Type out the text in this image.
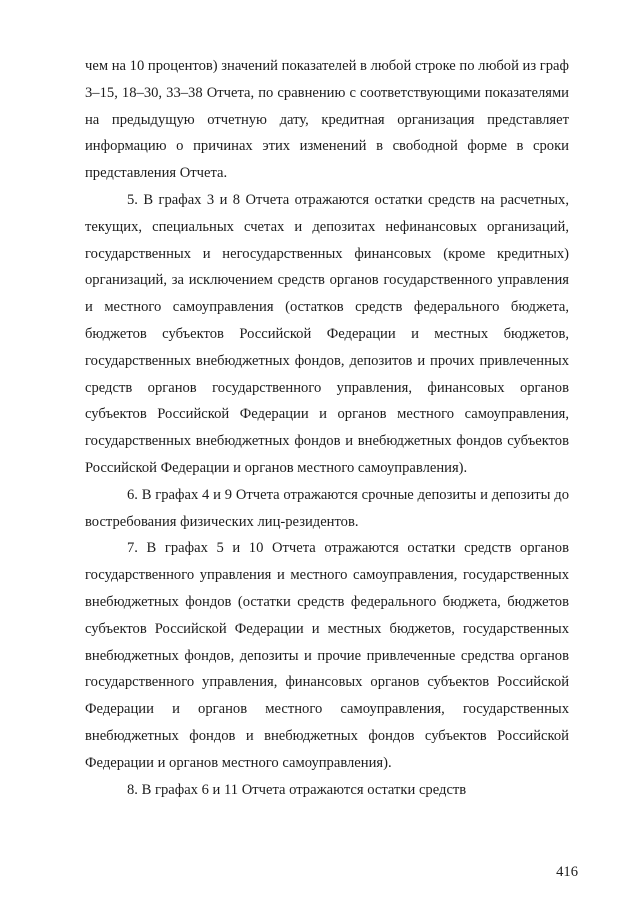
чем на 10 процентов) значений показателей в любой строке по любой из граф 3–15, 18–30, 33–38 Отчета, по сравнению с соответствующими показателями на предыдущую отчетную дату, кредитная организация представляет информацию о причинах этих изменений в свободной форме в сроки представления Отчета.

5. В графах 3 и 8 Отчета отражаются остатки средств на расчетных, текущих, специальных счетах и депозитах нефинансовых организаций, государственных и негосударственных финансовых (кроме кредитных) организаций, за исключением средств органов государственного управления и местного самоуправления (остатков средств федерального бюджета, бюджетов субъектов Российской Федерации и местных бюджетов, государственных внебюджетных фондов, депозитов и прочих привлеченных средств органов государственного управления, финансовых органов субъектов Российской Федерации и органов местного самоуправления, государственных внебюджетных фондов и внебюджетных фондов субъектов Российской Федерации и органов местного самоуправления).

6. В графах 4 и 9 Отчета отражаются срочные депозиты и депозиты до востребования физических лиц-резидентов.

7. В графах 5 и 10 Отчета отражаются остатки средств органов государственного управления и местного самоуправления, государственных внебюджетных фондов (остатки средств федерального бюджета, бюджетов субъектов Российской Федерации и местных бюджетов, государственных внебюджетных фондов, депозиты и прочие привлеченные средства органов государственного управления, финансовых органов субъектов Российской Федерации и органов местного самоуправления, государственных внебюджетных фондов и внебюджетных фондов субъектов Российской Федерации и органов местного самоуправления).

8. В графах 6 и 11 Отчета отражаются остатки средств

416
